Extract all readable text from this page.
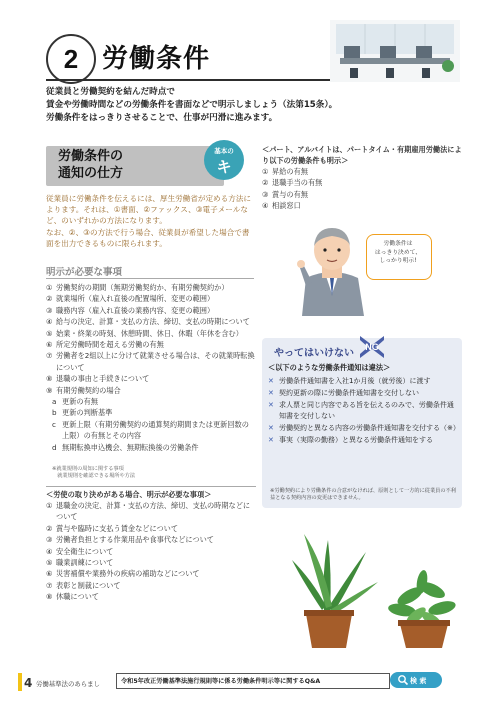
2 労働条件
従業員と労働契約を結んだ時点で
賃金や労働時間などの労働条件を書面などで明示しましょう（法第15条）。
労働条件をはっきりさせることで、仕事が円滑に進みます。
労働条件の
通知の仕方
基本の
キ
従業員に労働条件を伝えるには、厚生労働省が定める方法によります。それは、①書面、②ファックス、③電子メールなど、のいずれかの方法になります。
なお、②、③の方法で行う場合、従業員が希望した場合で書面を出力できるものに限られます。
明示が必要な事項
① 労働契約の期間（無期労働契約か、有期労働契約か）
② 就業場所（雇入れ直後の配置場所、変更の範囲）
③ 職務内容（雇入れ直後の業務内容、変更の範囲）
④ 給与の決定、計算・支払の方法、締切、支払の時期について
⑤ 始業・終業の時刻、休憩時間、休日、休暇（年休を含む）
⑥ 所定労働時間を超える労働の有無
⑦ 労働者を2組以上に分けて就業させる場合は、その就業時転換について
⑧ 退職の事由と手続きについて
⑨ 有期労働契約の場合
a 更新の有無
b 更新の判断基準
c 更新上限（有期労働契約の通算契約期間または更新回数の上限）の有無とその内容
d 無期転換申込機会、無期転換後の労働条件
※就業規則の周知に関する事項
　就業規則を確認できる場所や方法
＜労使の取り決めがある場合、明示が必要な事項＞
① 退職金の決定、計算・支払の方法、締切、支払の時期などについて
② 賞与や臨時に支払う賃金などについて
③ 労働者負担とする作業用品や食事代などについて
④ 安全衛生について
⑤ 職業訓練について
⑥ 災害補償や業務外の疾病の補助などについて
⑦ 表彰と制裁について
⑧ 休職について
＜パート、アルバイトは、パートタイム・有期雇用労働法により以下の労働条件も明示＞
① 昇給の有無
② 退職手当の有無
③ 賞与の有無
④ 相談窓口
労働条件は
はっきり決めて、
しっかり明示!
やってはいけない
NG
＜以下のような労働条件通知は違法＞
✕ 労働条件通知書を入社1か月後（就労後）に渡す
✕ 契約更新の際に労働条件通知書を交付しない
✕ 求人票と同じ内容である旨を伝えるのみで、労働条件通知書を交付しない
✕ 労働契約と異なる内容の労働条件通知書を交付する（※）
✕ 事実（実際の勤務）と異なる労働条件通知をする
※労働契約により労働条件の合意がなければ、原則として一方的に従業員の不利益となる契約内容の変更はできません。
4 労働基準法のあらまし	令和5年改正労働基準法施行規則等に係る労働条件明示等に関するQ&A	検 索
